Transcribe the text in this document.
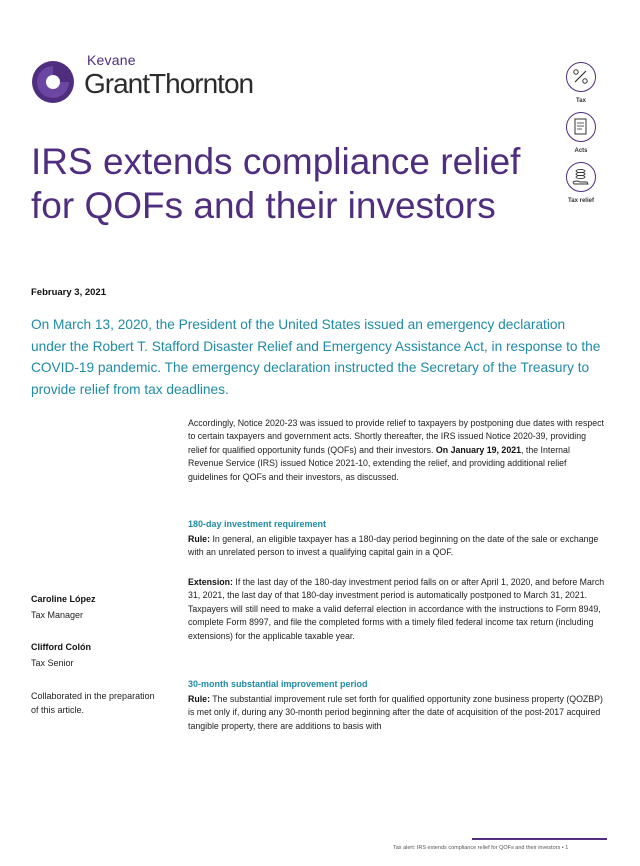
Kevane
GrantThornton
Tax
Acts
Tax relief
IRS extends compliance relief for QOFs and their investors
February 3, 2021
On March 13, 2020, the President of the United States issued an emergency declaration under the Robert T. Stafford Disaster Relief and Emergency Assistance Act, in response to the COVID-19 pandemic. The emergency declaration instructed the Secretary of the Treasury to provide relief from tax deadlines.
Accordingly, Notice 2020-23 was issued to provide relief to taxpayers by postponing due dates with respect to certain taxpayers and government acts. Shortly thereafter, the IRS issued Notice 2020-39, providing relief for qualified opportunity funds (QOFs) and their investors. On January 19, 2021, the Internal Revenue Service (IRS) issued Notice 2021-10, extending the relief, and providing additional relief guidelines for QOFs and their investors, as discussed.
180-day investment requirement
Rule: In general, an eligible taxpayer has a 180-day period beginning on the date of the sale or exchange with an unrelated person to invest a qualifying capital gain in a QOF.
Extension: If the last day of the 180-day investment period falls on or after April 1, 2020, and before March 31, 2021, the last day of that 180-day investment period is automatically postponed to March 31, 2021. Taxpayers will still need to make a valid deferral election in accordance with the instructions to Form 8949, complete Form 8997, and file the completed forms with a timely filed federal income tax return (including extensions) for the applicable taxable year.
30-month substantial improvement period
Rule: The substantial improvement rule set forth for qualified opportunity zone business property (QOZBP) is met only if, during any 30-month period beginning after the date of acquisition of the post-2017 acquired tangible property, there are additions to basis with
Caroline López
Tax Manager
Clifford Colón
Tax Senior
Collaborated in the preparation of this article.
Tax alert: IRS extends compliance relief for QOFs and their investors • 1
